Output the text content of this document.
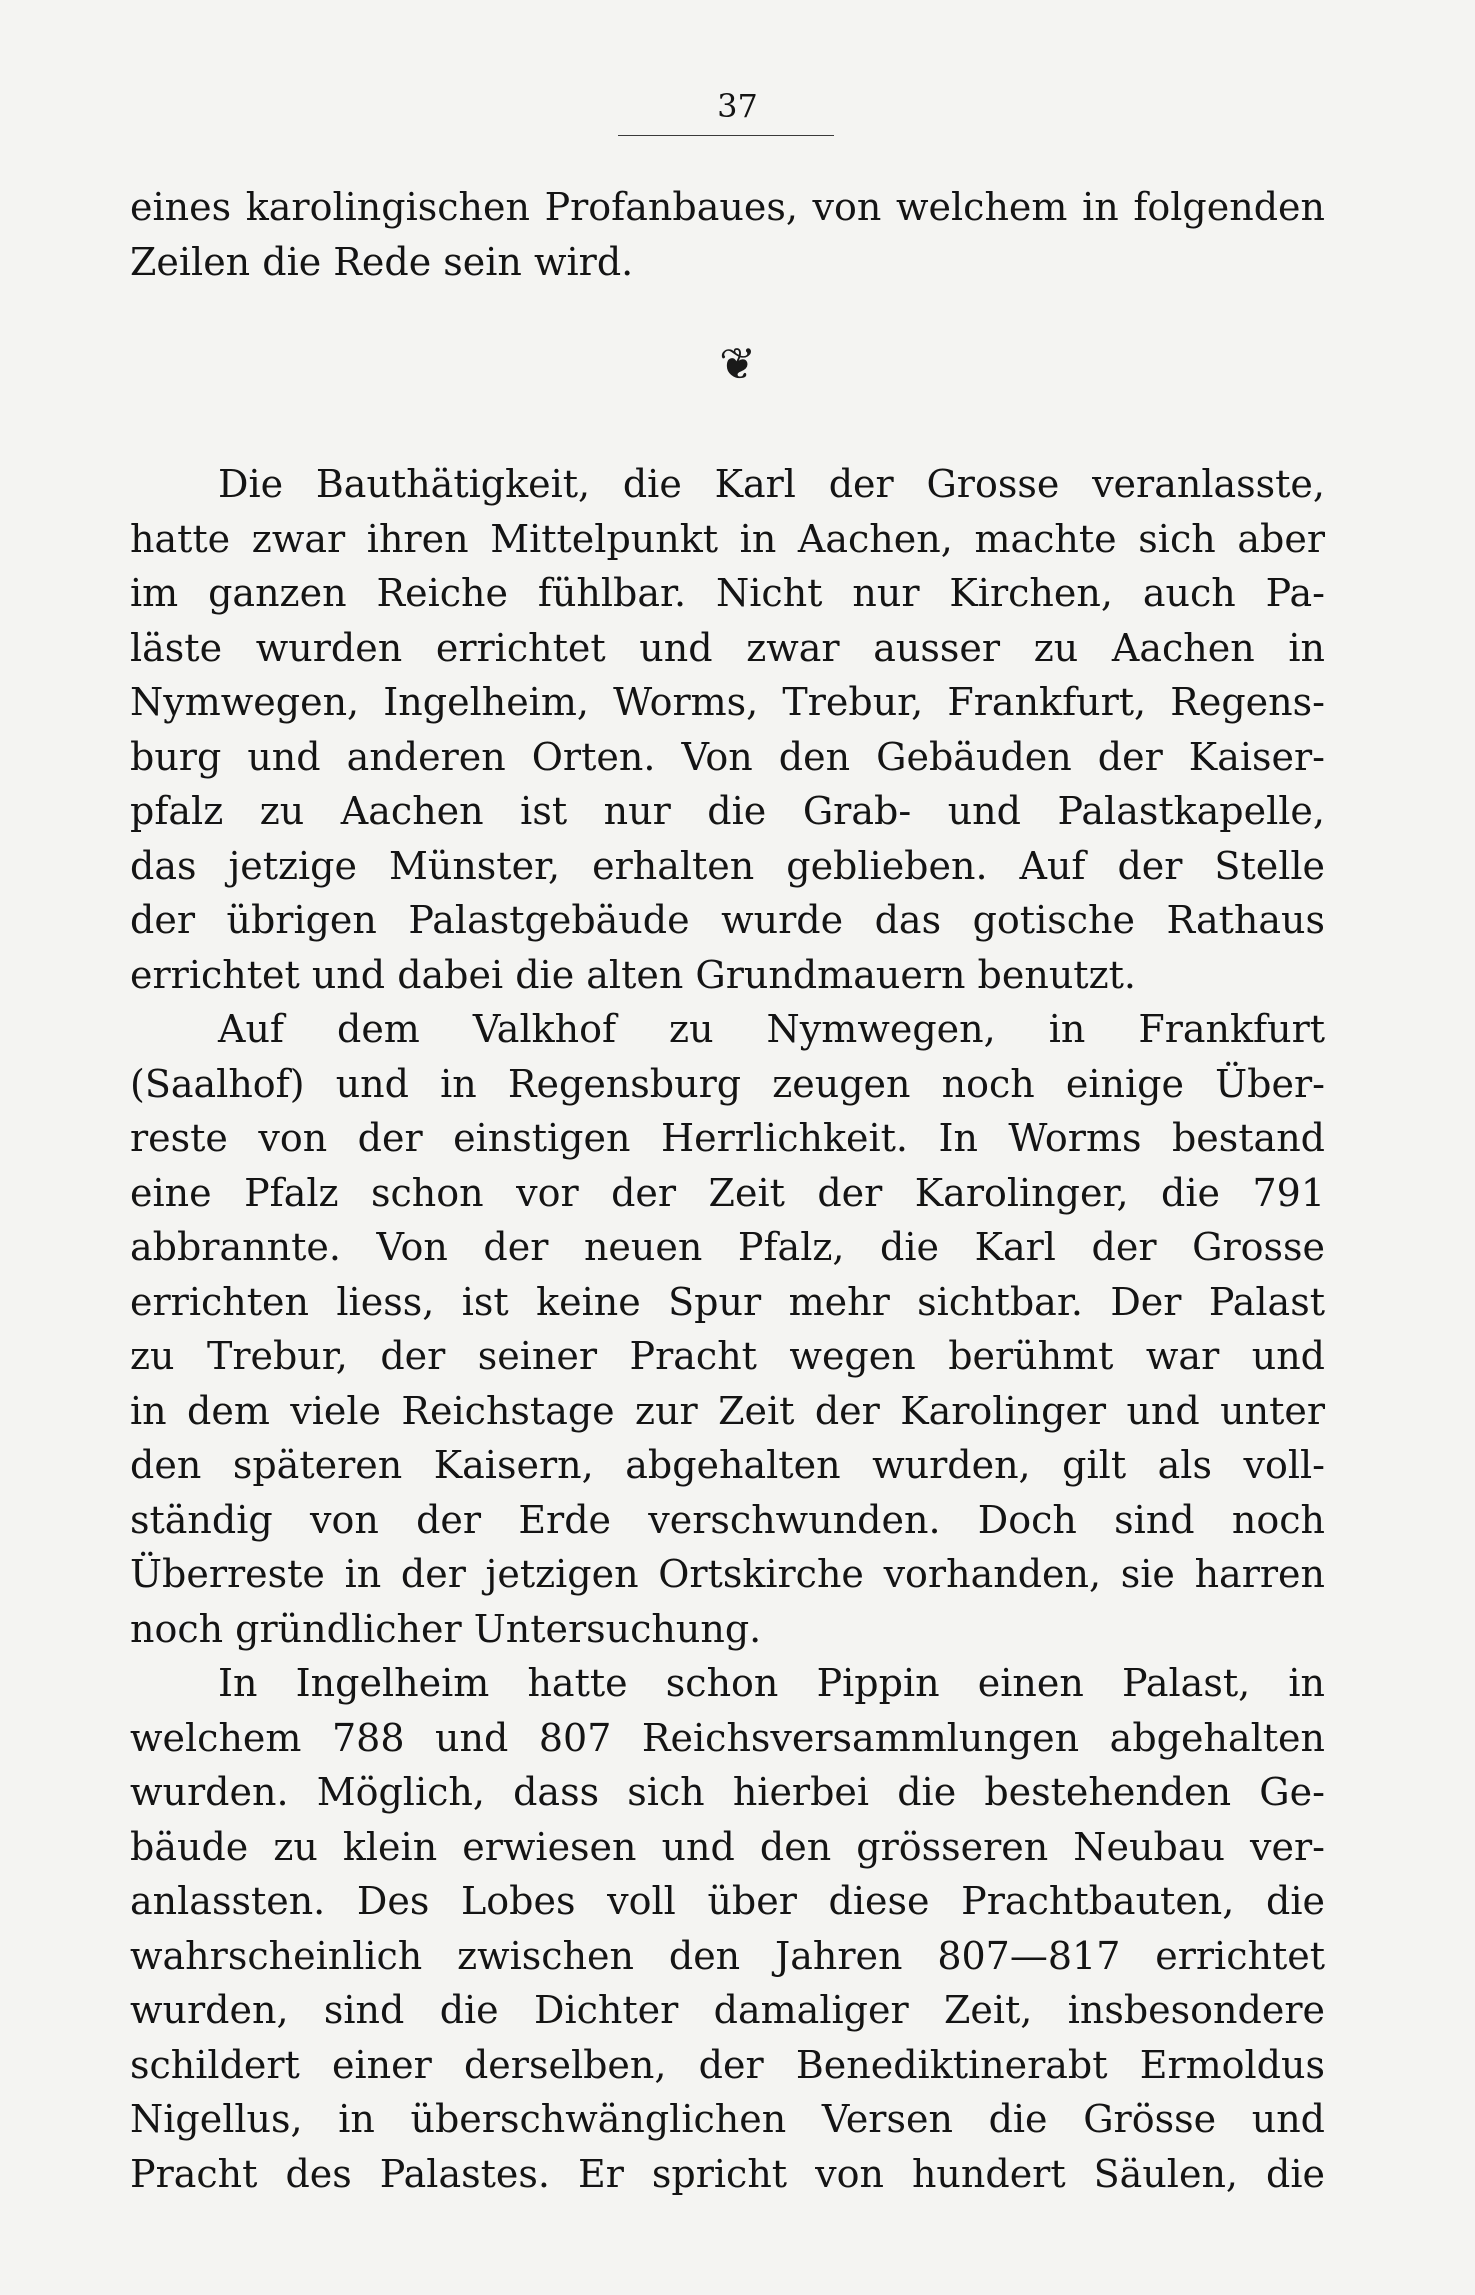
37
eines karolingischen Profanbaues, von welchem in folgenden
Zeilen die Rede sein wird.
❦
Die Bauthätigkeit, die Karl der Grosse veranlasste,
hatte zwar ihren Mittelpunkt in Aachen, machte sich aber
im ganzen Reiche fühlbar. Nicht nur Kirchen, auch Pa-
läste wurden errichtet und zwar ausser zu Aachen in
Nymwegen, Ingelheim, Worms, Trebur, Frankfurt, Regens-
burg und anderen Orten. Von den Gebäuden der Kaiser-
pfalz zu Aachen ist nur die Grab- und Palastkapelle,
das jetzige Münster, erhalten geblieben. Auf der Stelle
der übrigen Palastgebäude wurde das gotische Rathaus
errichtet und dabei die alten Grundmauern benutzt.
Auf dem Valkhof zu Nymwegen, in Frankfurt
(Saalhof) und in Regensburg zeugen noch einige Über-
reste von der einstigen Herrlichkeit. In Worms bestand
eine Pfalz schon vor der Zeit der Karolinger, die 791
abbrannte. Von der neuen Pfalz, die Karl der Grosse
errichten liess, ist keine Spur mehr sichtbar. Der Palast
zu Trebur, der seiner Pracht wegen berühmt war und
in dem viele Reichstage zur Zeit der Karolinger und unter
den späteren Kaisern, abgehalten wurden, gilt als voll-
ständig von der Erde verschwunden. Doch sind noch
Überreste in der jetzigen Ortskirche vorhanden, sie harren
noch gründlicher Untersuchung.
In Ingelheim hatte schon Pippin einen Palast, in
welchem 788 und 807 Reichsversammlungen abgehalten
wurden. Möglich, dass sich hierbei die bestehenden Ge-
bäude zu klein erwiesen und den grösseren Neubau ver-
anlassten. Des Lobes voll über diese Prachtbauten, die
wahrscheinlich zwischen den Jahren 807—817 errichtet
wurden, sind die Dichter damaliger Zeit, insbesondere
schildert einer derselben, der Benediktinerabt Ermoldus
Nigellus, in überschwänglichen Versen die Grösse und
Pracht des Palastes. Er spricht von hundert Säulen, die
